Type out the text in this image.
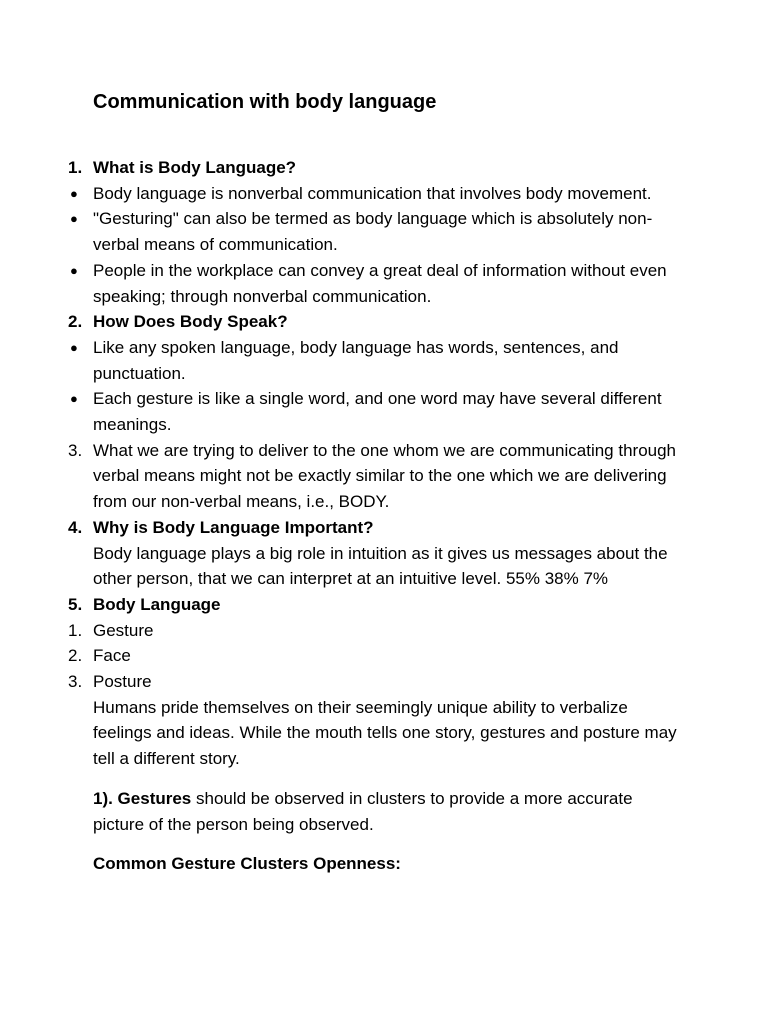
Communication with body language
1. What is Body Language?
● Body language is nonverbal communication that involves body movement.
● "Gesturing" can also be termed as body language which is absolutely non-verbal means of communication.
● People in the workplace can convey a great deal of information without even speaking; through nonverbal communication.
2. How Does Body Speak?
● Like any spoken language, body language has words, sentences, and punctuation.
● Each gesture is like a single word, and one word may have several different meanings.
3. What we are trying to deliver to the one whom we are communicating through verbal means might not be exactly similar to the one which we are delivering from our non-verbal means, i.e., BODY.
4. Why is Body Language Important?
Body language plays a big role in intuition as it gives us messages about the other person, that we can interpret at an intuitive level. 55% 38% 7%
5. Body Language
1. Gesture
2. Face
3. Posture
Humans pride themselves on their seemingly unique ability to verbalize feelings and ideas. While the mouth tells one story, gestures and posture may tell a different story.
1). Gestures should be observed in clusters to provide a more accurate picture of the person being observed.
Common Gesture Clusters Openness:
